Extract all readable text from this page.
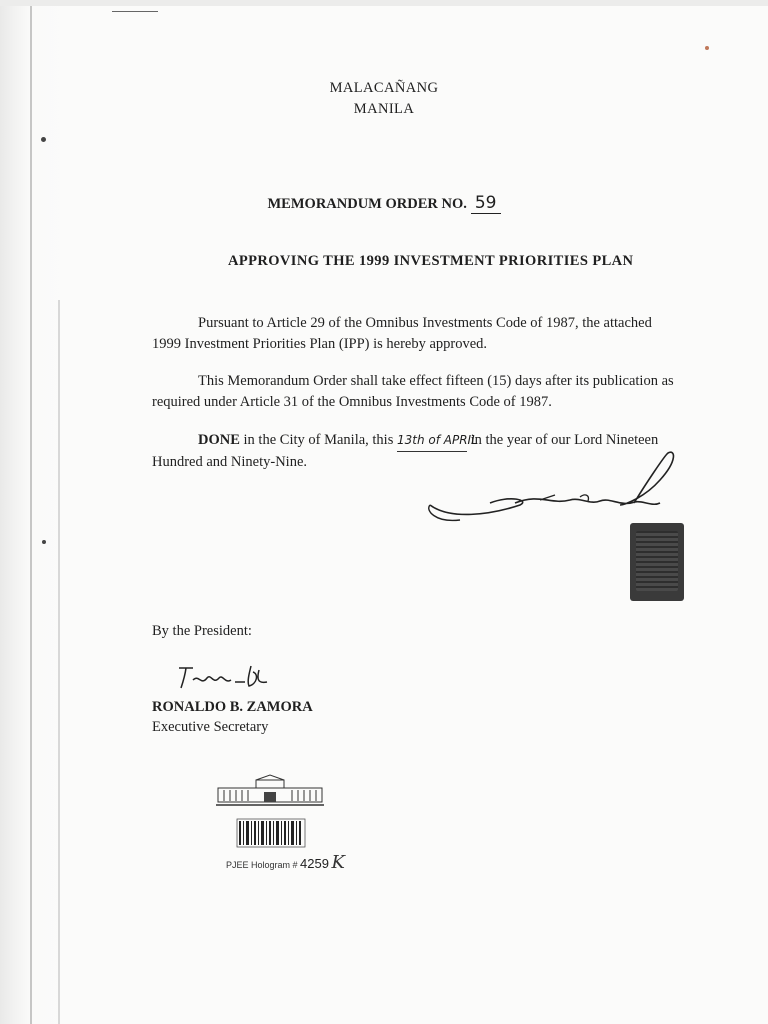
MALACAÑANG
MANILA
MEMORANDUM ORDER NO. 59
APPROVING THE 1999 INVESTMENT PRIORITIES PLAN
Pursuant to Article 29 of the Omnibus Investments Code of 1987, the attached
1999 Investment Priorities Plan (IPP) is hereby approved.
This Memorandum Order shall take effect fifteen (15) days after its publication as
required under Article 31 of the Omnibus Investments Code of 1987.
DONE in the City of Manila, this 13th of APRIL in the year of our Lord Nineteen
Hundred and Ninety-Nine.
By the President:
RONALDO B. ZAMORA
Executive Secretary
PJEE Hologram # 4259 K
